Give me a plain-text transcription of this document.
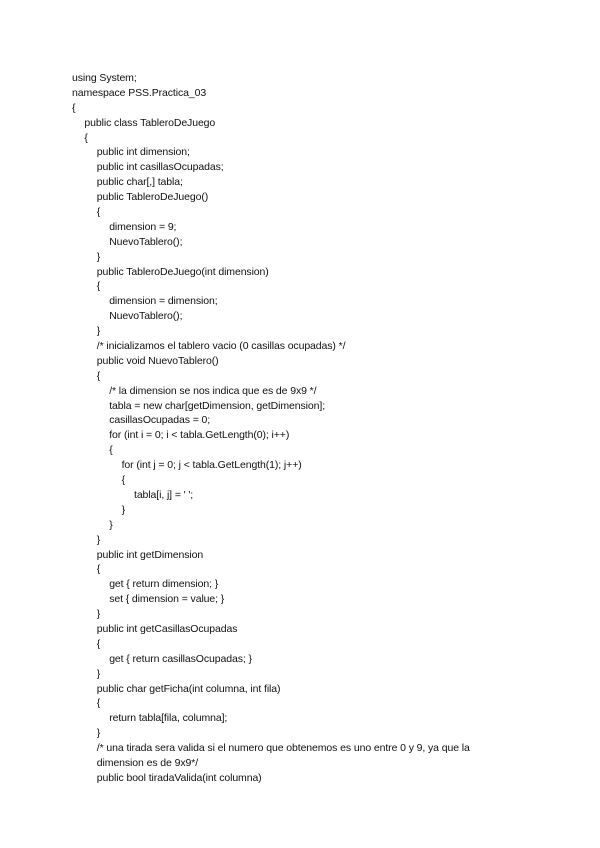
using System;
namespace PSS.Practica_03
{
public class TableroDeJuego
{
public int dimension;
public int casillasOcupadas;
public char[,] tabla;
public TableroDeJuego()
{
dimension = 9;
NuevoTablero();
}
public TableroDeJuego(int dimension)
{
dimension = dimension;
NuevoTablero();
}
/* inicializamos el tablero vacio (0 casillas ocupadas) */
public void NuevoTablero()
{
/* la dimension se nos indica que es de 9x9 */
tabla = new char[getDimension, getDimension];
casillasOcupadas = 0;
for (int i = 0; i < tabla.GetLength(0); i++)
{
for (int j = 0; j < tabla.GetLength(1); j++)
{
tabla[i, j] = ' ';
}
}
}
public int getDimension
{
get { return dimension; }
set { dimension = value; }
}
public int getCasillasOcupadas
{
get { return casillasOcupadas; }
}
public char getFicha(int columna, int fila)
{
return tabla[fila, columna];
}
/* una tirada sera valida si el numero que obtenemos es uno entre 0 y 9, ya que la
dimension es de 9x9*/
public bool tiradaValida(int columna)
